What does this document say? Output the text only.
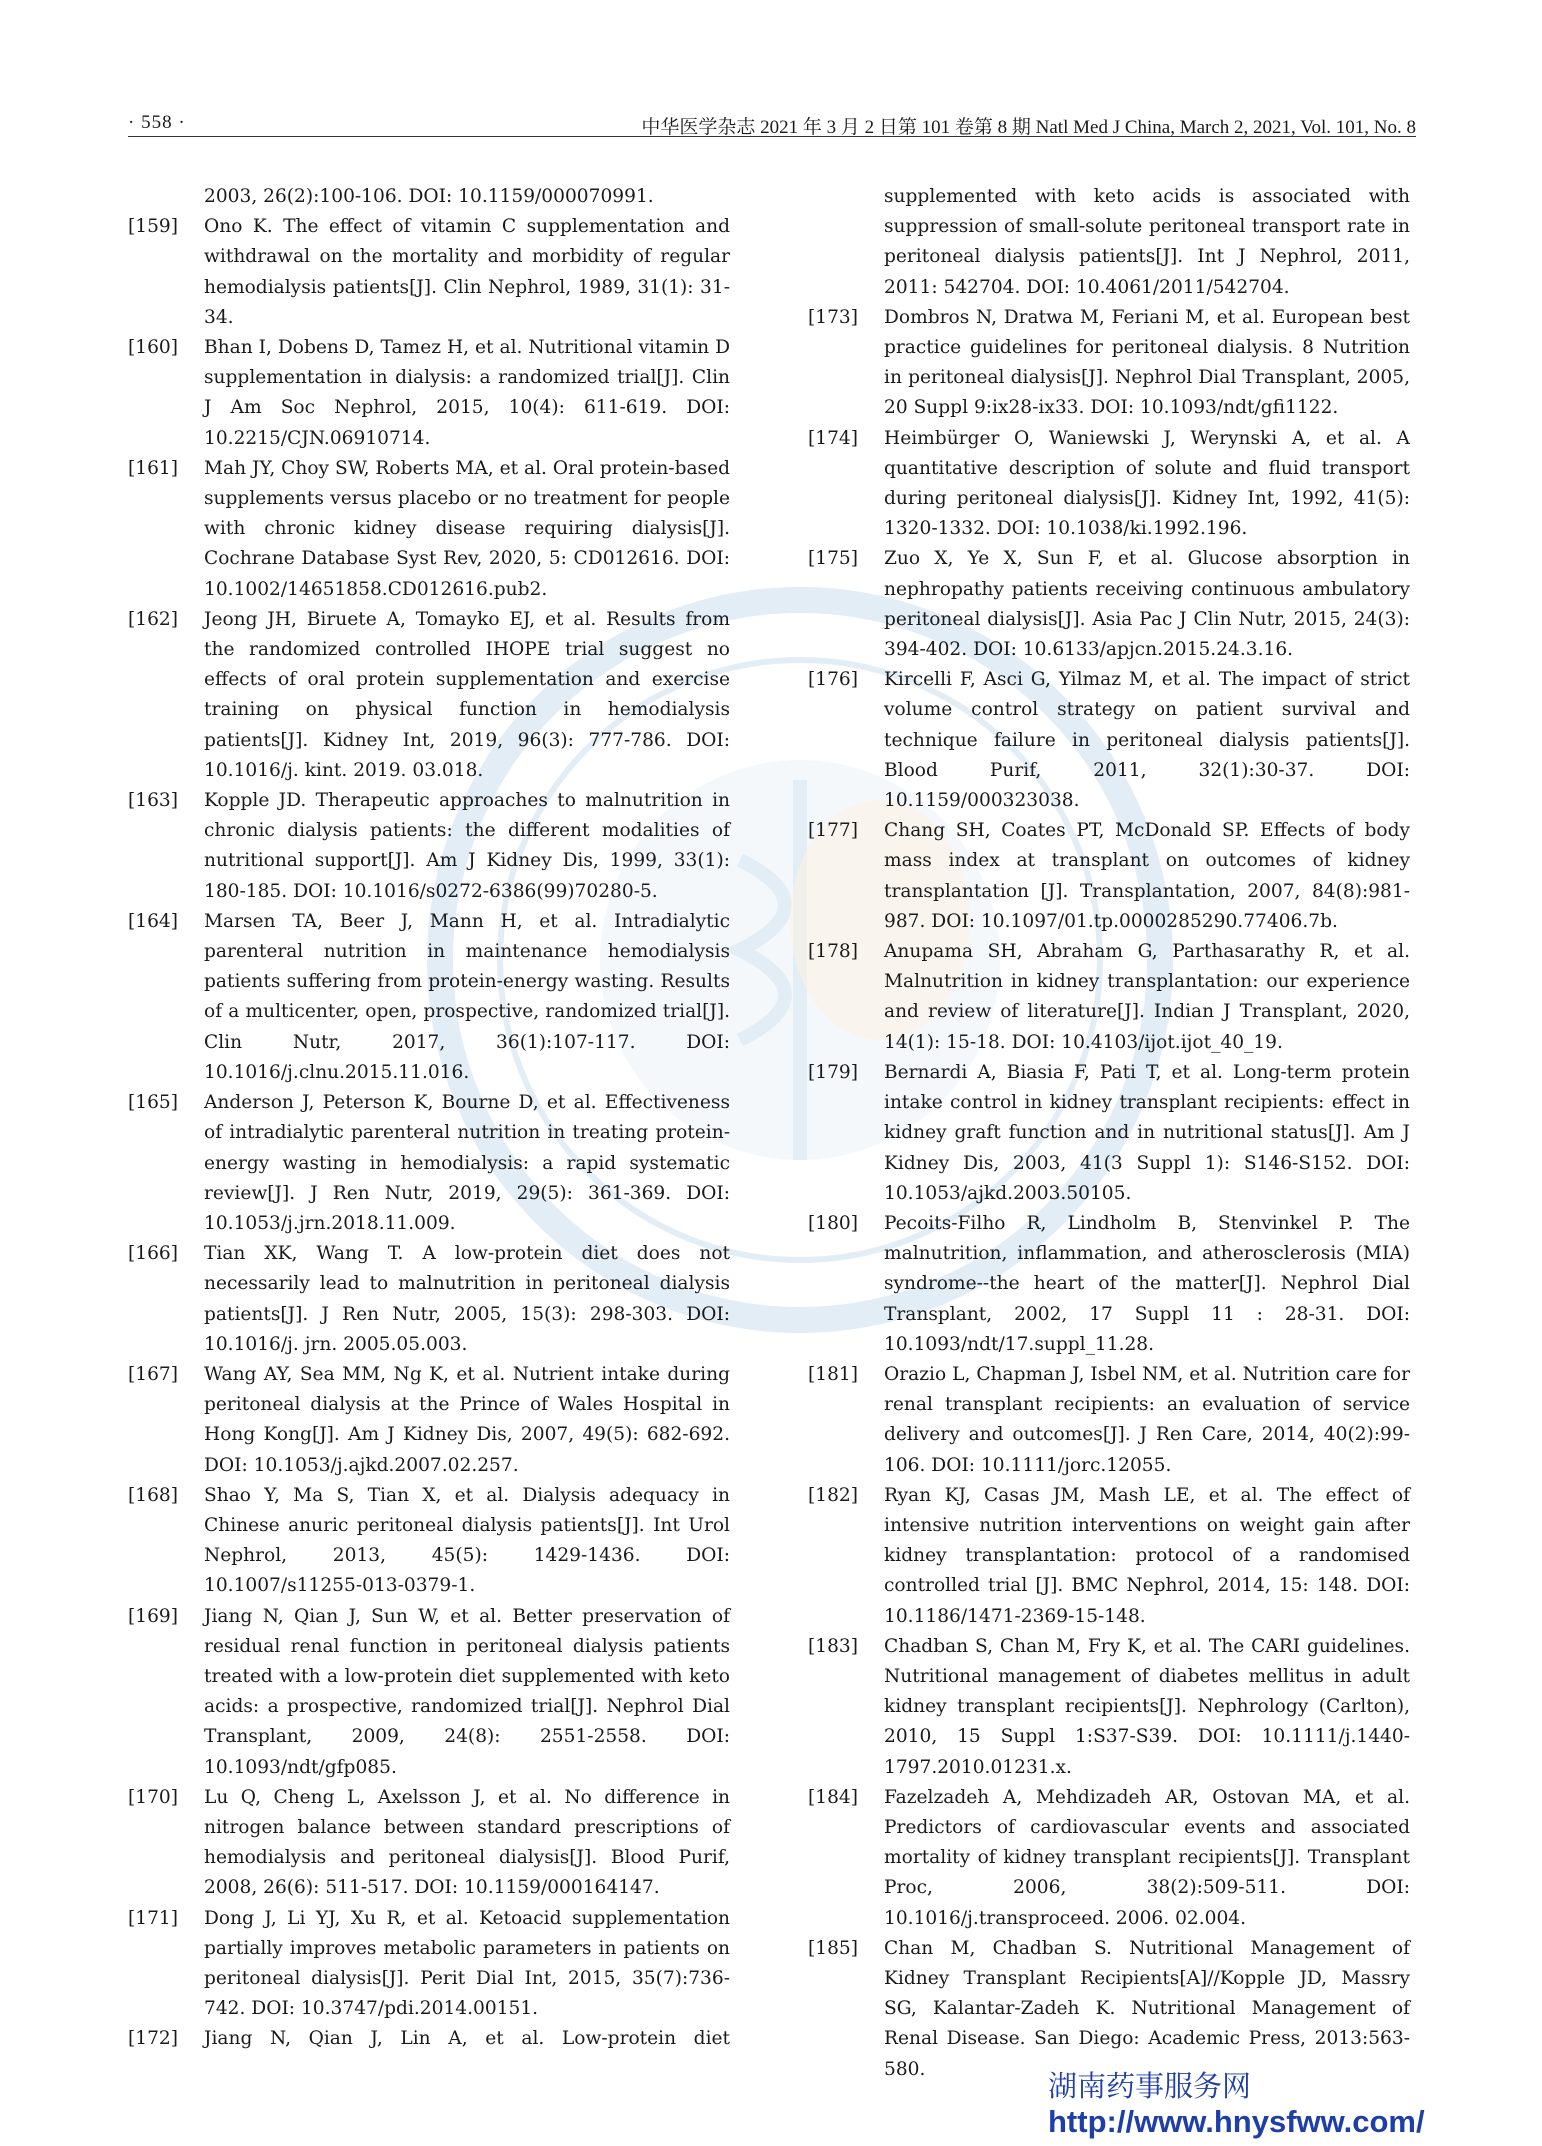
· 558 ·	中华医学杂志 2021 年 3 月 2 日第 101 卷第 8 期 Natl Med J China, March 2, 2021, Vol. 101, No. 8
2003, 26(2):100-106. DOI: 10.1159/000070991.
[159] Ono K. The effect of vitamin C supplementation and withdrawal on the mortality and morbidity of regular hemodialysis patients[J]. Clin Nephrol, 1989, 31(1): 31-34.
[160] Bhan I, Dobens D, Tamez H, et al. Nutritional vitamin D supplementation in dialysis: a randomized trial[J]. Clin J Am Soc Nephrol, 2015, 10(4): 611-619. DOI: 10.2215/CJN.06910714.
[161] Mah JY, Choy SW, Roberts MA, et al. Oral protein-based supplements versus placebo or no treatment for people with chronic kidney disease requiring dialysis[J]. Cochrane Database Syst Rev, 2020, 5: CD012616. DOI: 10.1002/14651858.CD012616.pub2.
[162] Jeong JH, Biruete A, Tomayko EJ, et al. Results from the randomized controlled IHOPE trial suggest no effects of oral protein supplementation and exercise training on physical function in hemodialysis patients[J]. Kidney Int, 2019, 96(3): 777-786. DOI: 10.1016/j. kint. 2019. 03.018.
[163] Kopple JD. Therapeutic approaches to malnutrition in chronic dialysis patients: the different modalities of nutritional support[J]. Am J Kidney Dis, 1999, 33(1): 180-185. DOI: 10.1016/s0272-6386(99)70280-5.
[164] Marsen TA, Beer J, Mann H, et al. Intradialytic parenteral nutrition in maintenance hemodialysis patients suffering from protein-energy wasting. Results of a multicenter, open, prospective, randomized trial[J]. Clin Nutr, 2017, 36(1):107-117. DOI: 10.1016/j.clnu.2015.11.016.
[165] Anderson J, Peterson K, Bourne D, et al. Effectiveness of intradialytic parenteral nutrition in treating protein-energy wasting in hemodialysis: a rapid systematic review[J]. J Ren Nutr, 2019, 29(5): 361-369. DOI: 10.1053/j.jrn.2018.11.009.
[166] Tian XK, Wang T. A low-protein diet does not necessarily lead to malnutrition in peritoneal dialysis patients[J]. J Ren Nutr, 2005, 15(3): 298-303. DOI: 10.1016/j. jrn. 2005.05.003.
[167] Wang AY, Sea MM, Ng K, et al. Nutrient intake during peritoneal dialysis at the Prince of Wales Hospital in Hong Kong[J]. Am J Kidney Dis, 2007, 49(5): 682-692. DOI: 10.1053/j.ajkd.2007.02.257.
[168] Shao Y, Ma S, Tian X, et al. Dialysis adequacy in Chinese anuric peritoneal dialysis patients[J]. Int Urol Nephrol, 2013, 45(5): 1429-1436. DOI: 10.1007/s11255-013-0379-1.
[169] Jiang N, Qian J, Sun W, et al. Better preservation of residual renal function in peritoneal dialysis patients treated with a low-protein diet supplemented with keto acids: a prospective, randomized trial[J]. Nephrol Dial Transplant, 2009, 24(8): 2551-2558. DOI: 10.1093/ndt/gfp085.
[170] Lu Q, Cheng L, Axelsson J, et al. No difference in nitrogen balance between standard prescriptions of hemodialysis and peritoneal dialysis[J]. Blood Purif, 2008, 26(6): 511-517. DOI: 10.1159/000164147.
[171] Dong J, Li YJ, Xu R, et al. Ketoacid supplementation partially improves metabolic parameters in patients on peritoneal dialysis[J]. Perit Dial Int, 2015, 35(7):736-742. DOI: 10.3747/pdi.2014.00151.
[172] Jiang N, Qian J, Lin A, et al. Low-protein diet
supplemented with keto acids is associated with suppression of small-solute peritoneal transport rate in peritoneal dialysis patients[J]. Int J Nephrol, 2011, 2011: 542704. DOI: 10.4061/2011/542704.
[173] Dombros N, Dratwa M, Feriani M, et al. European best practice guidelines for peritoneal dialysis. 8 Nutrition in peritoneal dialysis[J]. Nephrol Dial Transplant, 2005, 20 Suppl 9:ix28-ix33. DOI: 10.1093/ndt/gfi1122.
[174] Heimbürger O, Waniewski J, Werynski A, et al. A quantitative description of solute and fluid transport during peritoneal dialysis[J]. Kidney Int, 1992, 41(5): 1320-1332. DOI: 10.1038/ki.1992.196.
[175] Zuo X, Ye X, Sun F, et al. Glucose absorption in nephropathy patients receiving continuous ambulatory peritoneal dialysis[J]. Asia Pac J Clin Nutr, 2015, 24(3): 394-402. DOI: 10.6133/apjcn.2015.24.3.16.
[176] Kircelli F, Asci G, Yilmaz M, et al. The impact of strict volume control strategy on patient survival and technique failure in peritoneal dialysis patients[J]. Blood Purif, 2011, 32(1):30-37. DOI: 10.1159/000323038.
[177] Chang SH, Coates PT, McDonald SP. Effects of body mass index at transplant on outcomes of kidney transplantation [J]. Transplantation, 2007, 84(8):981-987. DOI: 10.1097/01.tp.0000285290.77406.7b.
[178] Anupama SH, Abraham G, Parthasarathy R, et al. Malnutrition in kidney transplantation: our experience and review of literature[J]. Indian J Transplant, 2020, 14(1): 15-18. DOI: 10.4103/ijot.ijot_40_19.
[179] Bernardi A, Biasia F, Pati T, et al. Long-term protein intake control in kidney transplant recipients: effect in kidney graft function and in nutritional status[J]. Am J Kidney Dis, 2003, 41(3 Suppl 1): S146-S152. DOI: 10.1053/ajkd.2003.50105.
[180] Pecoits-Filho R, Lindholm B, Stenvinkel P. The malnutrition, inflammation, and atherosclerosis (MIA) syndrome--the heart of the matter[J]. Nephrol Dial Transplant, 2002, 17 Suppl 11 : 28-31. DOI: 10.1093/ndt/17.suppl_11.28.
[181] Orazio L, Chapman J, Isbel NM, et al. Nutrition care for renal transplant recipients: an evaluation of service delivery and outcomes[J]. J Ren Care, 2014, 40(2):99-106. DOI: 10.1111/jorc.12055.
[182] Ryan KJ, Casas JM, Mash LE, et al. The effect of intensive nutrition interventions on weight gain after kidney transplantation: protocol of a randomised controlled trial [J]. BMC Nephrol, 2014, 15: 148. DOI: 10.1186/1471-2369-15-148.
[183] Chadban S, Chan M, Fry K, et al. The CARI guidelines. Nutritional management of diabetes mellitus in adult kidney transplant recipients[J]. Nephrology (Carlton), 2010, 15 Suppl 1:S37-S39. DOI: 10.1111/j.1440-1797.2010.01231.x.
[184] Fazelzadeh A, Mehdizadeh AR, Ostovan MA, et al. Predictors of cardiovascular events and associated mortality of kidney transplant recipients[J]. Transplant Proc, 2006, 38(2):509-511. DOI: 10.1016/j.transproceed. 2006. 02.004.
[185] Chan M, Chadban S. Nutritional Management of Kidney Transplant Recipients[A]//Kopple JD, Massry SG, Kalantar-Zadeh K. Nutritional Management of Renal Disease. San Diego: Academic Press, 2013:563-580.	湖南药事服务网
http://www.hnysfww.com/
